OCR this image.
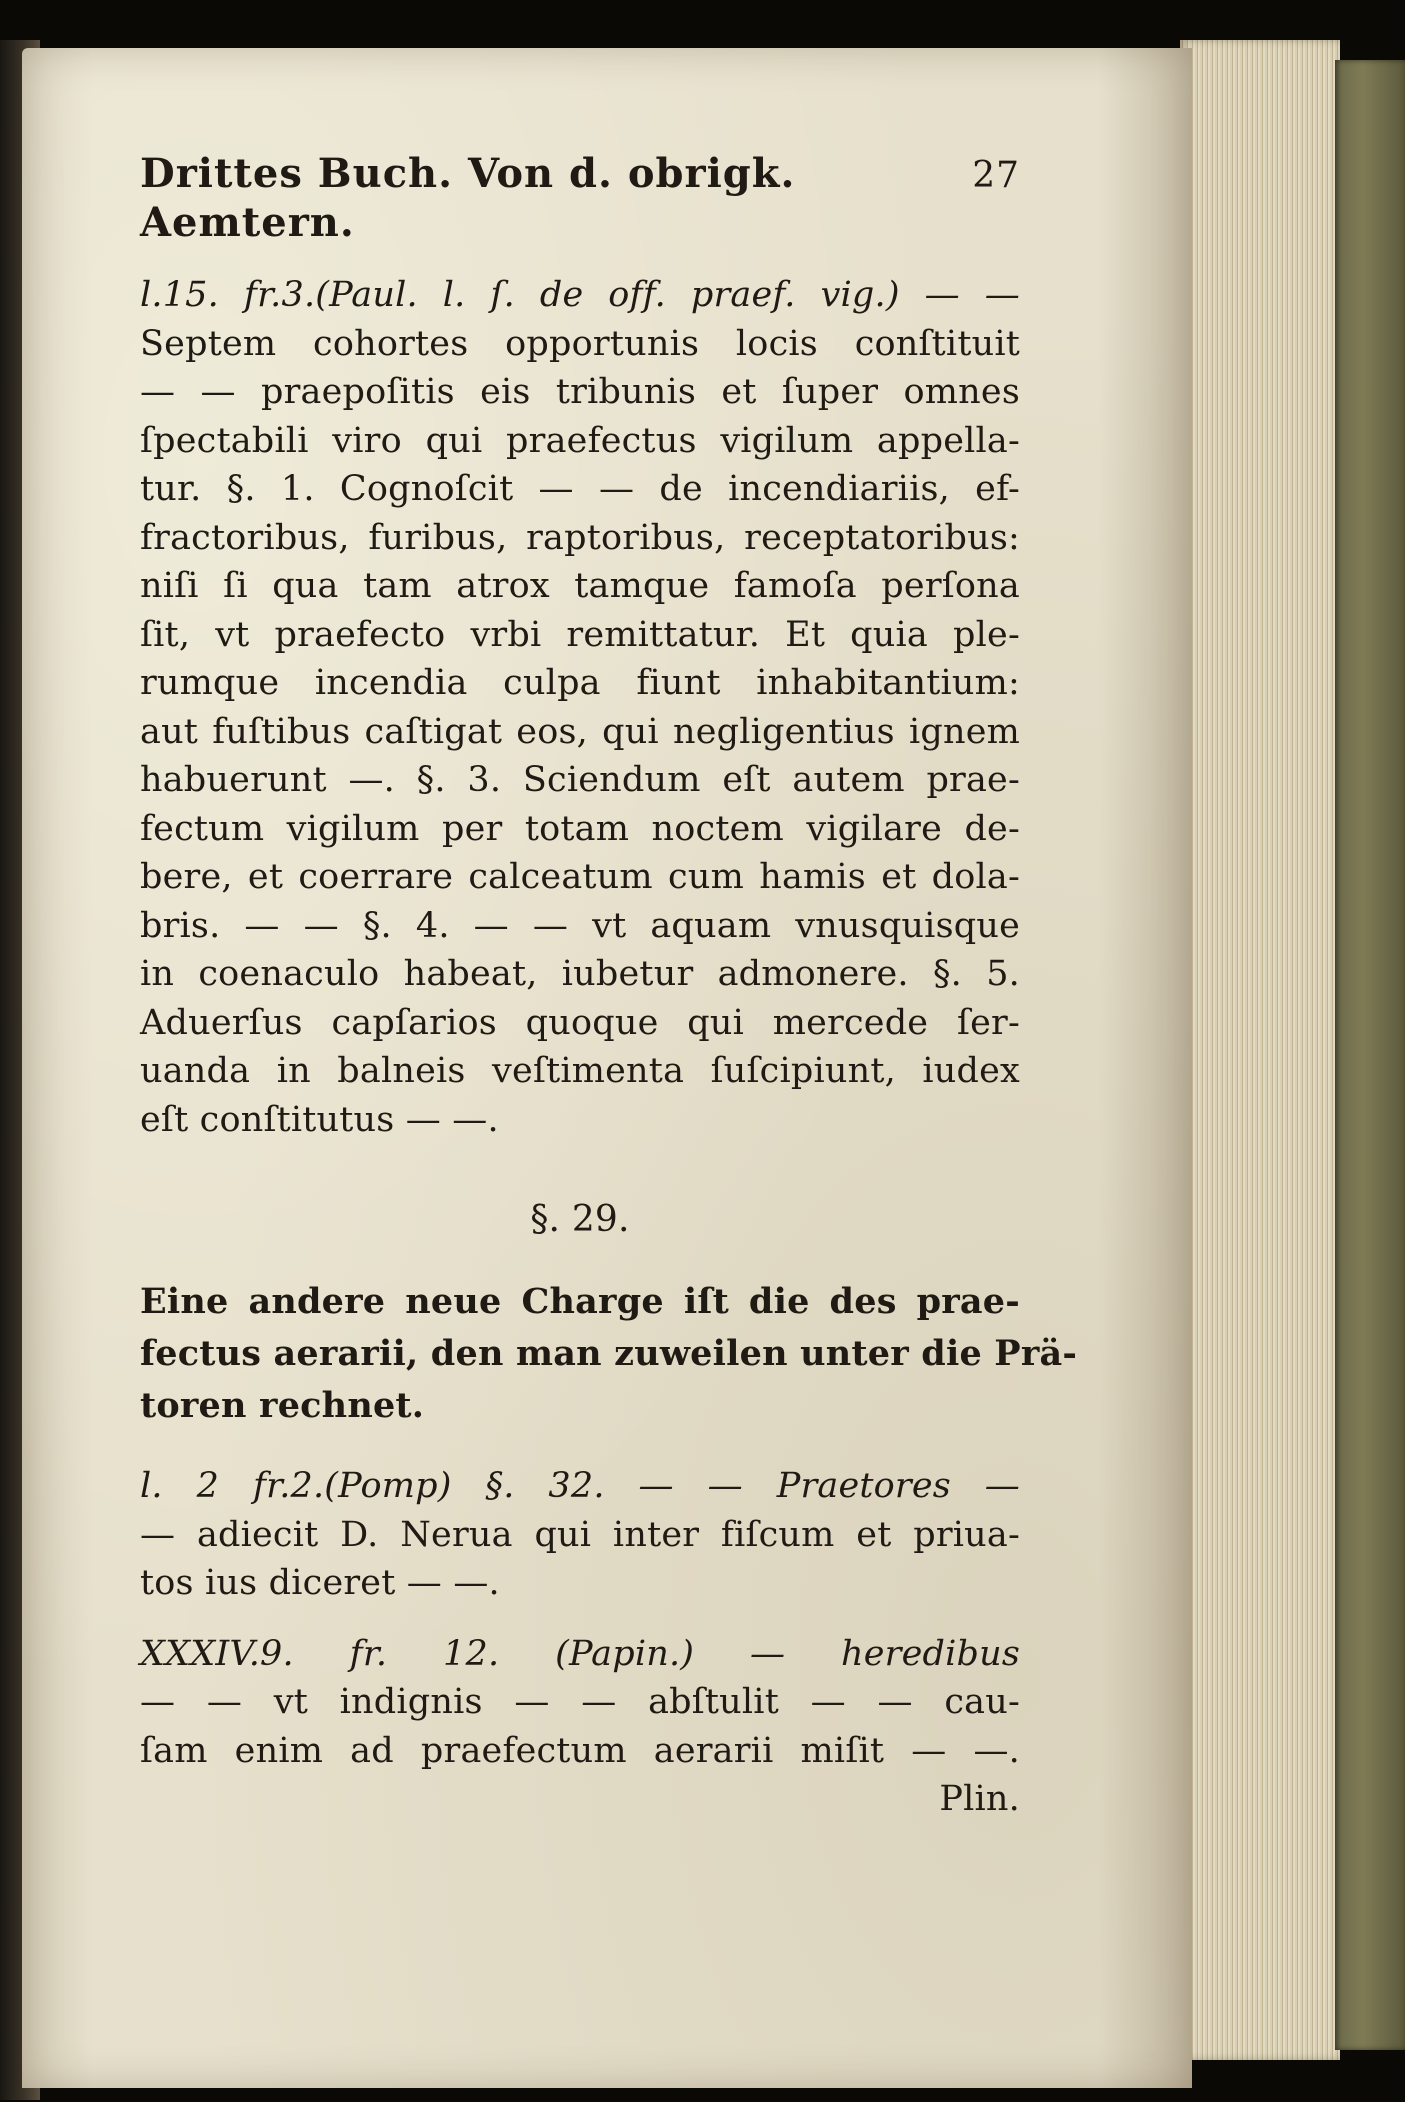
Drittes Buch. Von d. obrigk. Aemtern.
27
l.15. fr.3.(Paul. l. ſ. de off. praef. vig.) — —
Septem cohortes opportunis locis conſtituit
— — praepoſitis eis tribunis et ſuper omnes
ſpectabili viro qui praefectus vigilum appella-
tur. §. 1. Cognoſcit — — de incendiariis, ef-
fractoribus, furibus, raptoribus, receptatoribus:
niſi ſi qua tam atrox tamque famoſa perſona
ſit, vt praefecto vrbi remittatur. Et quia ple-
rumque incendia culpa fiunt inhabitantium:
aut fuſtibus caſtigat eos, qui negligentius ignem
habuerunt —. §. 3. Sciendum eſt autem prae-
fectum vigilum per totam noctem vigilare de-
bere, et coerrare calceatum cum hamis et dola-
bris. — — §. 4. — — vt aquam vnusquisque
in coenaculo habeat, iubetur admonere. §. 5.
Aduerſus capſarios quoque qui mercede ſer-
uanda in balneis veſtimenta ſuſcipiunt, iudex
eſt conſtitutus — —.
§. 29.
Eine andere neue Charge iſt die des prae-
fectus aerarii, den man zuweilen unter die Prä-
toren rechnet.
l. 2 fr.2.(Pomp) §. 32. — — Praetores —
— adiecit D. Nerua qui inter fiſcum et priua-
tos ius diceret — —.
XXXIV.9. fr. 12. (Papin.) — heredibus
— — vt indignis — — abſtulit — — cau-
ſam enim ad praefectum aerarii miſit — —.
Plin.
